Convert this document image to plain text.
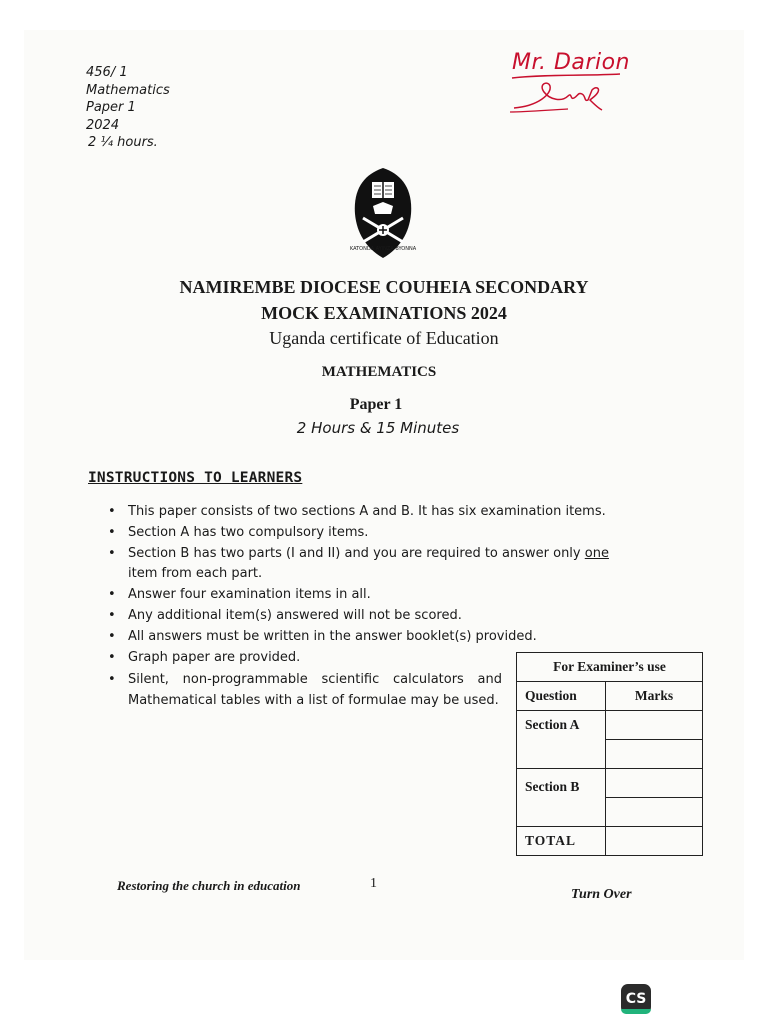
456/ 1
Mathematics
Paper 1
2024
2 ¼ hours.
Mr. Darion
KATONDA AYINZA BYONNA
NAMIREMBE DIOCESE COUHEIA SECONDARY
MOCK EXAMINATIONS 2024
Uganda certificate of Education
MATHEMATICS
Paper 1
2 Hours & 15 Minutes
INSTRUCTIONS TO LEARNERS
• This paper consists of two sections A and B. It has six examination items.
• Section A has two compulsory items.
• Section B has two parts (I and II) and you are required to answer only one
item from each part.
• Answer four examination items in all.
• Any additional item(s) answered will not be scored.
• All answers must be written in the answer booklet(s) provided.
• Graph paper are provided.
• Silent, non-programmable scientific calculators and Mathematical tables with a list of formulae may be used.
For Examiner’s use	
Question	Marks
Section A	

Section B	

TOTAL	
Restoring the church in education	1
Turn Over
CS
